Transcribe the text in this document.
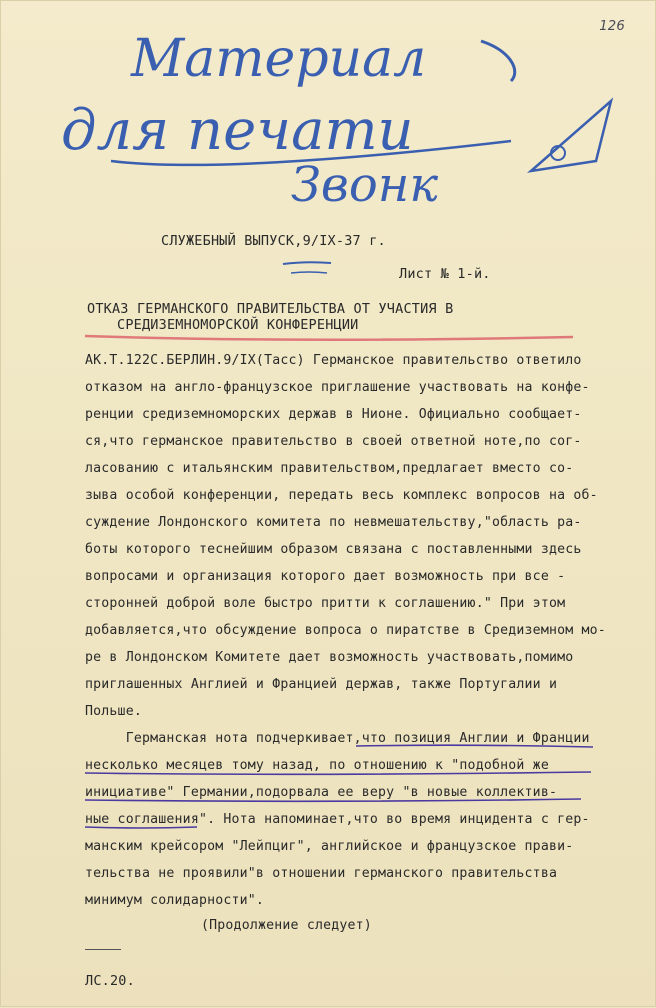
126
Материал
для печати
Звонк
СЛУЖЕБНЫЙ ВЫПУСК,9/IX-37 г.
Лист № 1-й.
ОТКАЗ ГЕРМАНСКОГО ПРАВИТЕЛЬСТВА ОТ УЧАСТИЯ В
СРЕДИЗЕМНОМОРСКОЙ КОНФЕРЕНЦИИ
АК.Т.122С.БЕРЛИН.9/IX(Тасс) Германское правительство ответило
отказом на англо-французское приглашение участвовать на конфе-
ренции средиземноморских держав в Нионе. Официально сообщает-
ся,что германское правительство в своей ответной ноте,по сог-
ласованию с итальянским правительством,предлагает вместо со-
зыва особой конференции, передать весь комплекс вопросов на об-
суждение Лондонского комитета по невмешательству,"область ра-
боты которого теснейшим образом связана с поставленными здесь
вопросами и организация которого дает возможность при все -
сторонней доброй воле быстро притти к соглашению." При этом
добавляется,что обсуждение вопроса о пиратстве в Средиземном мо-
ре в Лондонском Комитете дает возможность участвовать,помимо
приглашенных Англией и Францией держав, также Португалии и
Польше.
Германская нота подчеркивает,что позиция Англии и Франции
несколько месяцев тому назад, по отношению к "подобной же
инициативе" Германии,подорвала ее веру "в новые коллектив-
ные соглашения". Нота напоминает,что во время инцидента с гер-
манским крейсором "Лейпциг", английское и французское прави-
тельства не проявили"в отношении германского правительства
минимум солидарности".
(Продолжение следует)
ЛС.20.
